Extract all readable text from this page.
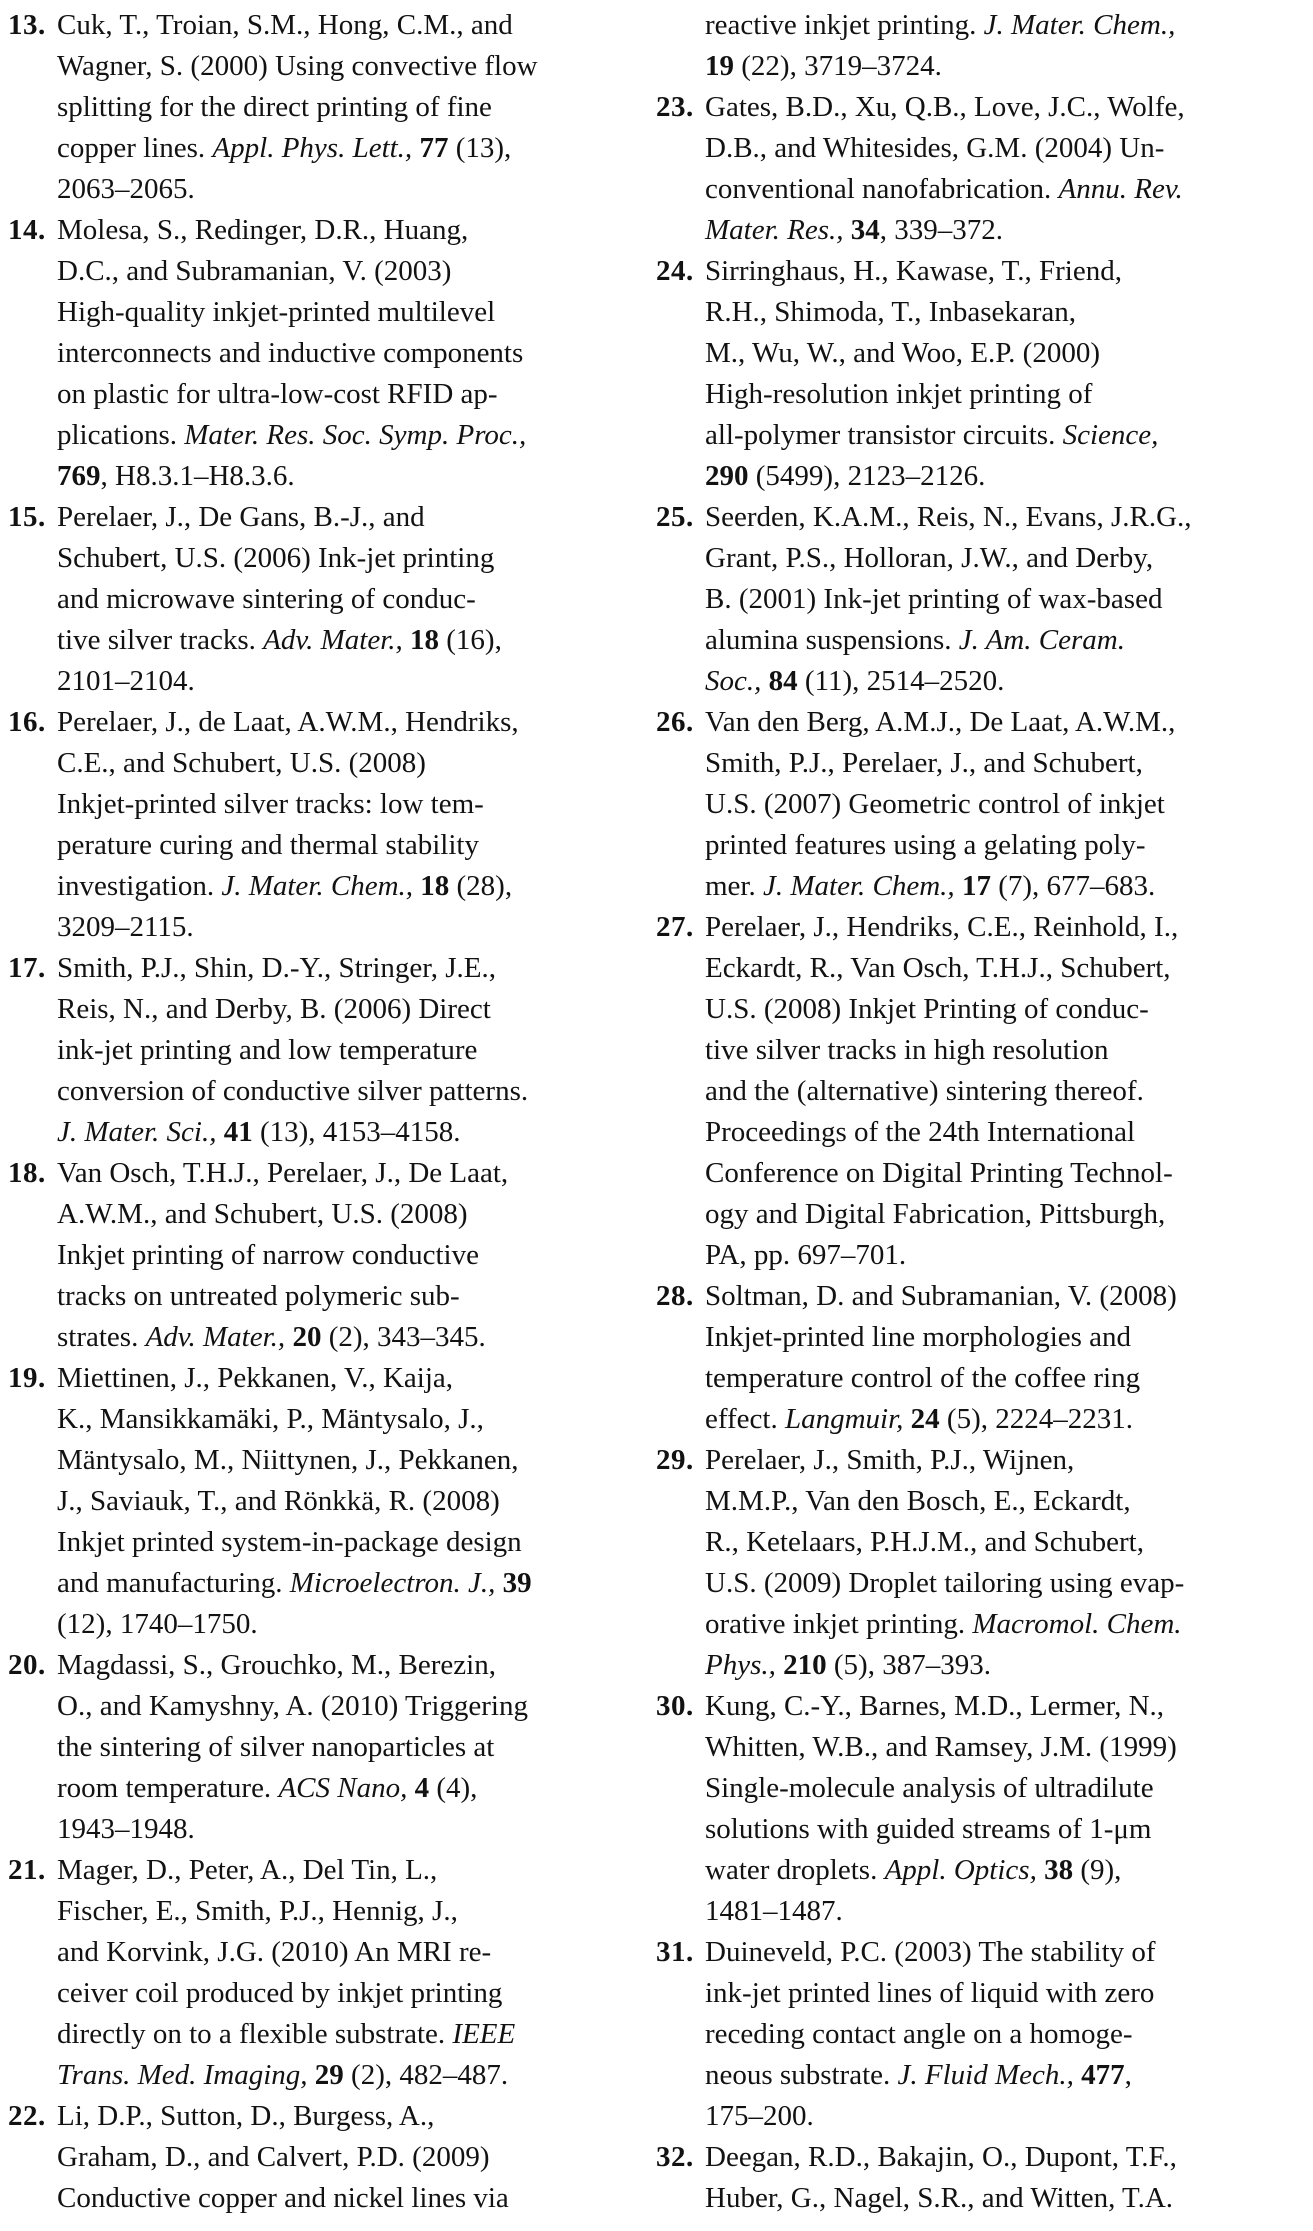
13. Cuk, T., Troian, S.M., Hong, C.M., and
Wagner, S. (2000) Using convective flow
splitting for the direct printing of fine
copper lines. Appl. Phys. Lett., 77 (13),
2063–2065.
14. Molesa, S., Redinger, D.R., Huang,
D.C., and Subramanian, V. (2003)
High-quality inkjet-printed multilevel
interconnects and inductive components
on plastic for ultra-low-cost RFID ap-
plications. Mater. Res. Soc. Symp. Proc.,
769, H8.3.1–H8.3.6.
15. Perelaer, J., De Gans, B.-J., and
Schubert, U.S. (2006) Ink-jet printing
and microwave sintering of conduc-
tive silver tracks. Adv. Mater., 18 (16),
2101–2104.
16. Perelaer, J., de Laat, A.W.M., Hendriks,
C.E., and Schubert, U.S. (2008)
Inkjet-printed silver tracks: low tem-
perature curing and thermal stability
investigation. J. Mater. Chem., 18 (28),
3209–2115.
17. Smith, P.J., Shin, D.-Y., Stringer, J.E.,
Reis, N., and Derby, B. (2006) Direct
ink-jet printing and low temperature
conversion of conductive silver patterns.
J. Mater. Sci., 41 (13), 4153–4158.
18. Van Osch, T.H.J., Perelaer, J., De Laat,
A.W.M., and Schubert, U.S. (2008)
Inkjet printing of narrow conductive
tracks on untreated polymeric sub-
strates. Adv. Mater., 20 (2), 343–345.
19. Miettinen, J., Pekkanen, V., Kaija,
K., Mansikkamäki, P., Mäntysalo, J.,
Mäntysalo, M., Niittynen, J., Pekkanen,
J., Saviauk, T., and Rönkkä, R. (2008)
Inkjet printed system-in-package design
and manufacturing. Microelectron. J., 39
(12), 1740–1750.
20. Magdassi, S., Grouchko, M., Berezin,
O., and Kamyshny, A. (2010) Triggering
the sintering of silver nanoparticles at
room temperature. ACS Nano, 4 (4),
1943–1948.
21. Mager, D., Peter, A., Del Tin, L.,
Fischer, E., Smith, P.J., Hennig, J.,
and Korvink, J.G. (2010) An MRI re-
ceiver coil produced by inkjet printing
directly on to a flexible substrate. IEEE
Trans. Med. Imaging, 29 (2), 482–487.
22. Li, D.P., Sutton, D., Burgess, A.,
Graham, D., and Calvert, P.D. (2009)
Conductive copper and nickel lines via
reactive inkjet printing. J. Mater. Chem.,
19 (22), 3719–3724.
23. Gates, B.D., Xu, Q.B., Love, J.C., Wolfe,
D.B., and Whitesides, G.M. (2004) Un-
conventional nanofabrication. Annu. Rev.
Mater. Res., 34, 339–372.
24. Sirringhaus, H., Kawase, T., Friend,
R.H., Shimoda, T., Inbasekaran,
M., Wu, W., and Woo, E.P. (2000)
High-resolution inkjet printing of
all-polymer transistor circuits. Science,
290 (5499), 2123–2126.
25. Seerden, K.A.M., Reis, N., Evans, J.R.G.,
Grant, P.S., Holloran, J.W., and Derby,
B. (2001) Ink-jet printing of wax-based
alumina suspensions. J. Am. Ceram.
Soc., 84 (11), 2514–2520.
26. Van den Berg, A.M.J., De Laat, A.W.M.,
Smith, P.J., Perelaer, J., and Schubert,
U.S. (2007) Geometric control of inkjet
printed features using a gelating poly-
mer. J. Mater. Chem., 17 (7), 677–683.
27. Perelaer, J., Hendriks, C.E., Reinhold, I.,
Eckardt, R., Van Osch, T.H.J., Schubert,
U.S. (2008) Inkjet Printing of conduc-
tive silver tracks in high resolution
and the (alternative) sintering thereof.
Proceedings of the 24th International
Conference on Digital Printing Technol-
ogy and Digital Fabrication, Pittsburgh,
PA, pp. 697–701.
28. Soltman, D. and Subramanian, V. (2008)
Inkjet-printed line morphologies and
temperature control of the coffee ring
effect. Langmuir, 24 (5), 2224–2231.
29. Perelaer, J., Smith, P.J., Wijnen,
M.M.P., Van den Bosch, E., Eckardt,
R., Ketelaars, P.H.J.M., and Schubert,
U.S. (2009) Droplet tailoring using evap-
orative inkjet printing. Macromol. Chem.
Phys., 210 (5), 387–393.
30. Kung, C.-Y., Barnes, M.D., Lermer, N.,
Whitten, W.B., and Ramsey, J.M. (1999)
Single-molecule analysis of ultradilute
solutions with guided streams of 1-μm
water droplets. Appl. Optics, 38 (9),
1481–1487.
31. Duineveld, P.C. (2003) The stability of
ink-jet printed lines of liquid with zero
receding contact angle on a homoge-
neous substrate. J. Fluid Mech., 477,
175–200.
32. Deegan, R.D., Bakajin, O., Dupont, T.F.,
Huber, G., Nagel, S.R., and Witten, T.A.
